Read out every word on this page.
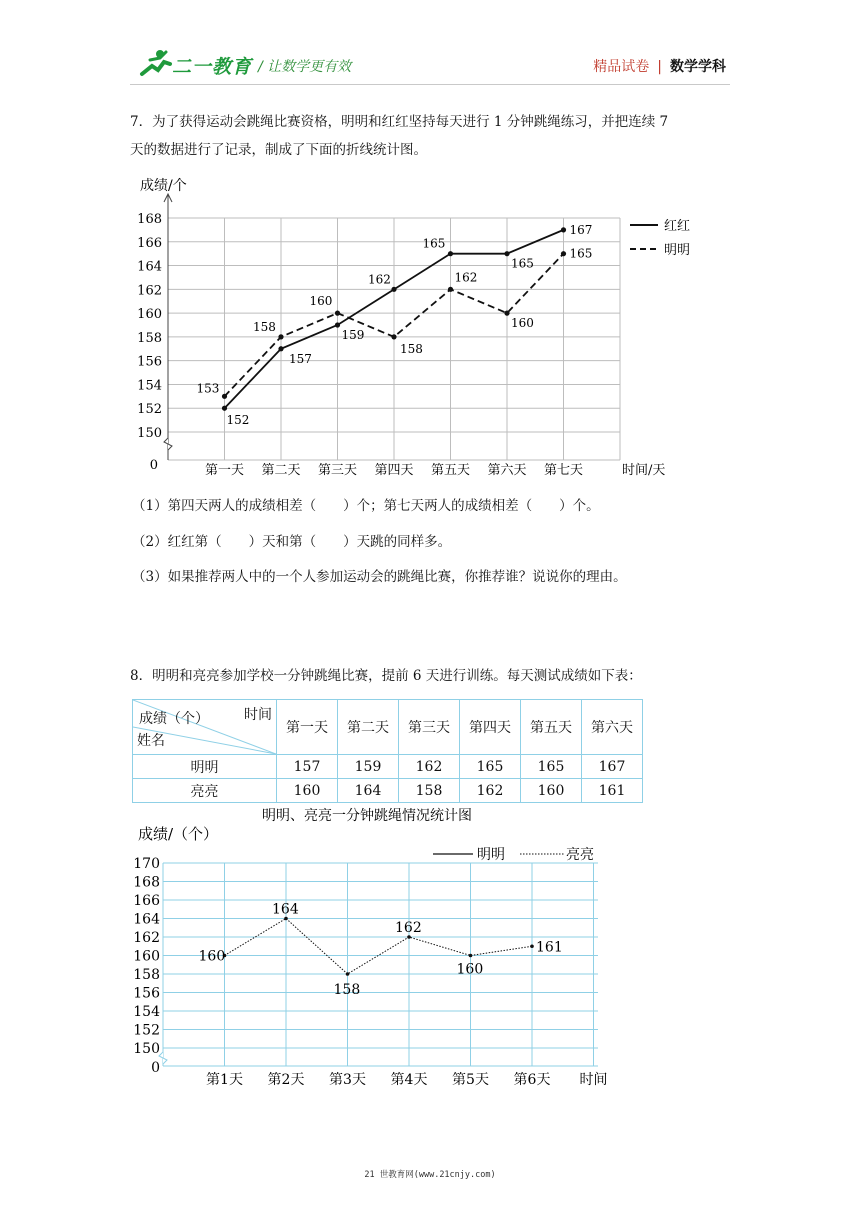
二一教育 / 让数学更有效	精品试卷 | 数学学科
7．为了获得运动会跳绳比赛资格，明明和红红坚持每天进行 1 分钟跳绳练习，并把连续 7
天的数据进行了记录，制成了下面的折线统计图。
成绩/个
168
166
164
162
160
158
156
154
152
150
0	第一天 第二天 第三天 第四天 第五天 第六天 第七天	时间/天
152
157
159
162
165
165
167
153
158
160
158
162
160
165
红红
明明
（1）第四天两人的成绩相差（　　）个；第七天两人的成绩相差（　　）个。
（2）红红第（　　）天和第（　　）天跳的同样多。
（3）如果推荐两人中的一个人参加运动会的跳绳比赛，你推荐谁？说说你的理由。
8．明明和亮亮参加学校一分钟跳绳比赛，提前 6 天进行训练。每天测试成绩如下表：
时间
成绩（个）
姓名	第一天	第二天	第三天	第四天	第五天	第六天
明明	157	159	162	165	165	167
亮亮	160	164	158	162	160	161
明明、亮亮一分钟跳绳情况统计图
成绩/（个）
170
168
166
164
162
160
158
156
154
152
150
0
第1天 第2天 第3天 第4天 第5天 第6天 时间
明明	亮亮
160
164
158
162
160
161
21 世教育网(www.21cnjy.com)
